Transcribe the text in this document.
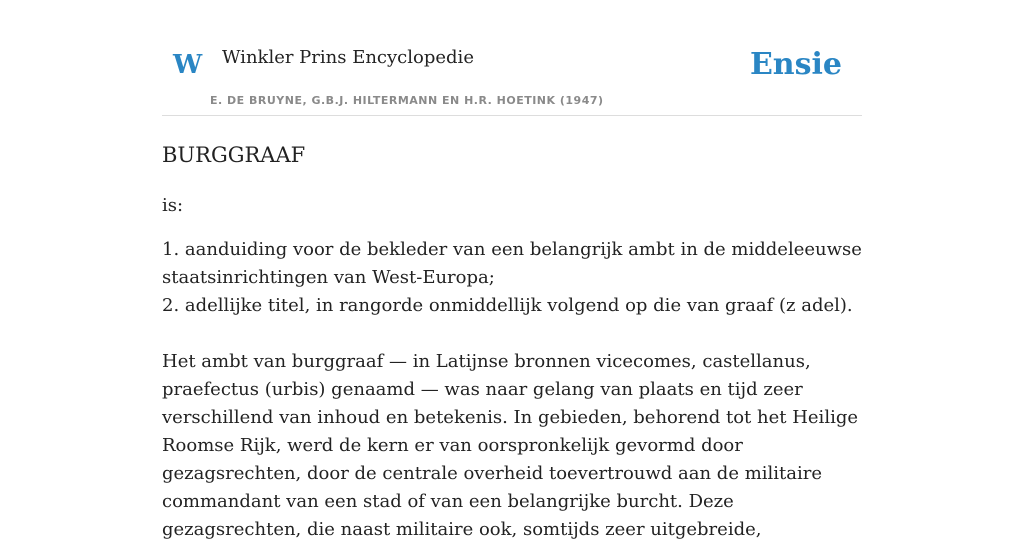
W Winkler Prins Encyclopedie
E. DE BRUYNE, G.B.J. HILTERMANN EN H.R. HOETINK (1947)
Ensie
BURGGRAAF

is:

1. aanduiding voor de bekleder van een belangrijk ambt in de middeleeuwse staatsinrichtingen van West-Europa;
2. adellijke titel, in rangorde onmiddellijk volgend op die van graaf (z adel).

Het ambt van burggraaf — in Latijnse bronnen vicecomes, castellanus, praefectus (urbis) genaamd — was naar gelang van plaats en tijd zeer verschillend van inhoud en betekenis. In gebieden, behorend tot het Heilige Roomse Rijk, werd de kern er van oorspronkelijk gevormd door gezagsrechten, door de centrale overheid toevertrouwd aan de militaire commandant van een stad of van een belangrijke burcht. Deze gezagsrechten, die naast militaire ook, somtijds zeer uitgebreide,
